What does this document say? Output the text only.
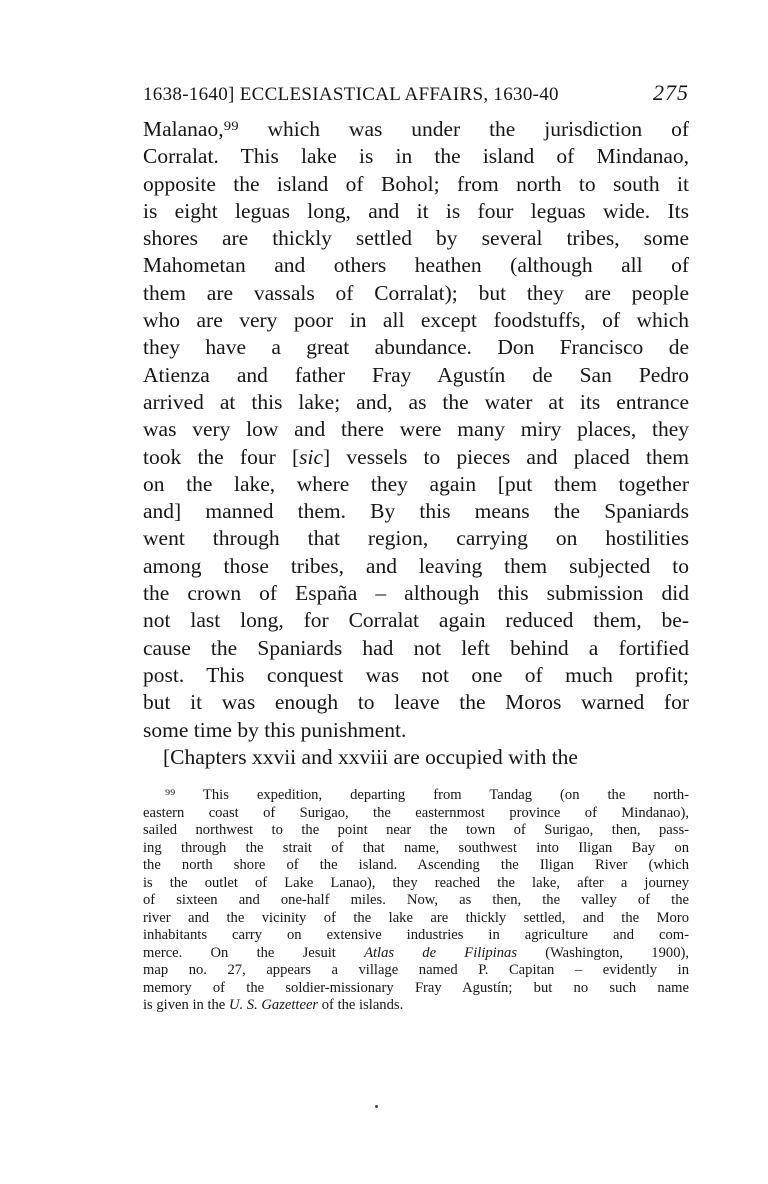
1638-1640] ECCLESIASTICAL AFFAIRS, 1630-40	275
Malanao,⁹⁹ which was under the jurisdiction of
Corralat. This lake is in the island of Mindanao,
opposite the island of Bohol; from north to south it
is eight leguas long, and it is four leguas wide. Its
shores are thickly settled by several tribes, some
Mahometan and others heathen (although all of
them are vassals of Corralat); but they are people
who are very poor in all except foodstuffs, of which
they have a great abundance. Don Francisco de
Atienza and father Fray Agustín de San Pedro
arrived at this lake; and, as the water at its entrance
was very low and there were many miry places, they
took the four [sic] vessels to pieces and placed them
on the lake, where they again [put them together
and] manned them. By this means the Spaniards
went through that region, carrying on hostilities
among those tribes, and leaving them subjected to
the crown of España – although this submission did
not last long, for Corralat again reduced them, be-
cause the Spaniards had not left behind a fortified
post. This conquest was not one of much profit;
but it was enough to leave the Moros warned for
some time by this punishment.
[Chapters xxvii and xxviii are occupied with the
⁹⁹ This expedition, departing from Tandag (on the north-
eastern coast of Surigao, the easternmost province of Mindanao),
sailed northwest to the point near the town of Surigao, then, pass-
ing through the strait of that name, southwest into Iligan Bay on
the north shore of the island. Ascending the Iligan River (which
is the outlet of Lake Lanao), they reached the lake, after a journey
of sixteen and one-half miles. Now, as then, the valley of the
river and the vicinity of the lake are thickly settled, and the Moro
inhabitants carry on extensive industries in agriculture and com-
merce. On the Jesuit Atlas de Filipinas (Washington, 1900),
map no. 27, appears a village named P. Capitan – evidently in
memory of the soldier-missionary Fray Agustín; but no such name
is given in the U. S. Gazetteer of the islands.
